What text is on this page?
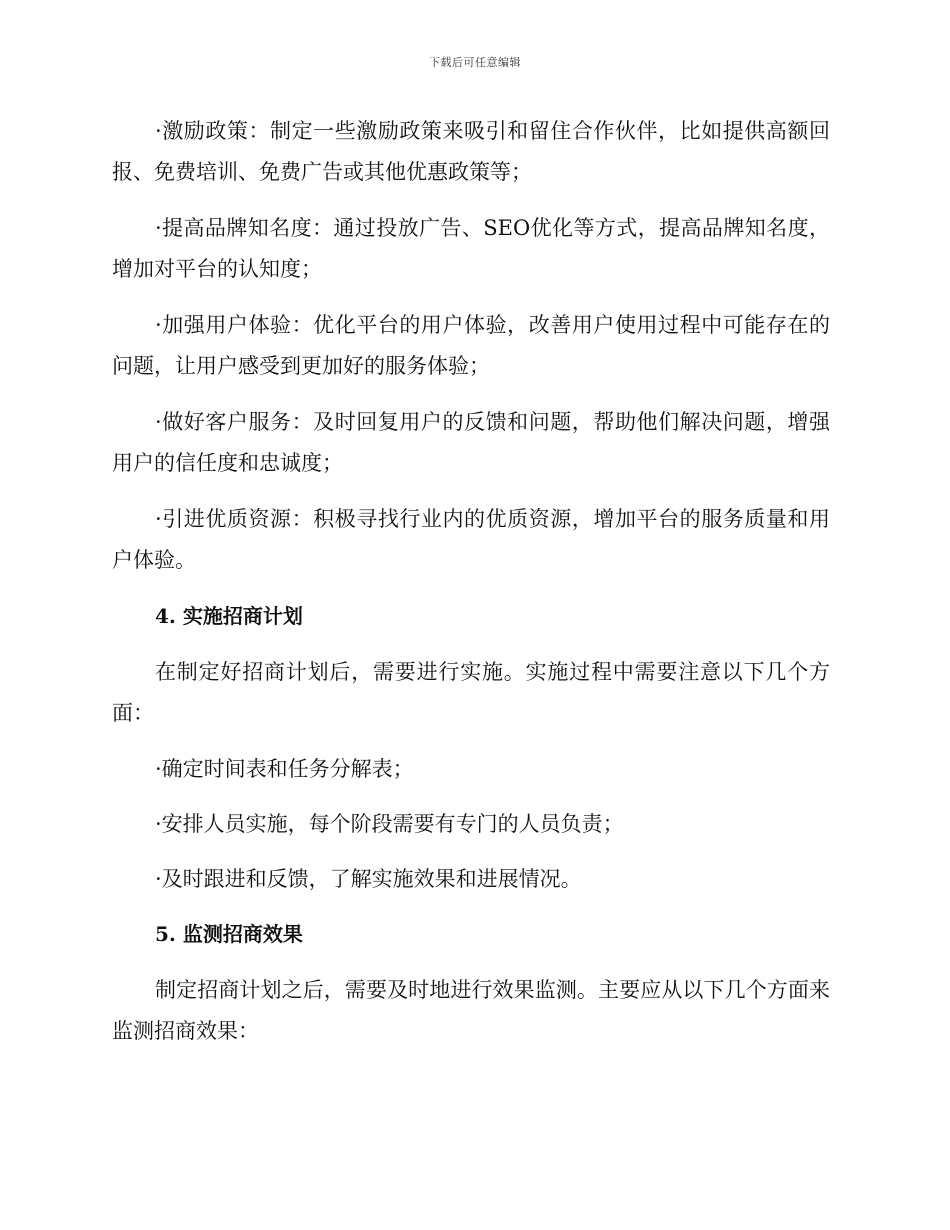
下载后可任意编辑

·激励政策：制定一些激励政策来吸引和留住合作伙伴，比如提供高额回报、免费培训、免费广告或其他优惠政策等；

·提高品牌知名度：通过投放广告、SEO优化等方式，提高品牌知名度，增加对平台的认知度；

·加强用户体验：优化平台的用户体验，改善用户使用过程中可能存在的问题，让用户感受到更加好的服务体验；

·做好客户服务：及时回复用户的反馈和问题，帮助他们解决问题，增强用户的信任度和忠诚度；

·引进优质资源：积极寻找行业内的优质资源，增加平台的服务质量和用户体验。

4. 实施招商计划

在制定好招商计划后，需要进行实施。实施过程中需要注意以下几个方面：

·确定时间表和任务分解表；

·安排人员实施，每个阶段需要有专门的人员负责；

·及时跟进和反馈，了解实施效果和进展情况。

5. 监测招商效果

制定招商计划之后，需要及时地进行效果监测。主要应从以下几个方面来监测招商效果：
